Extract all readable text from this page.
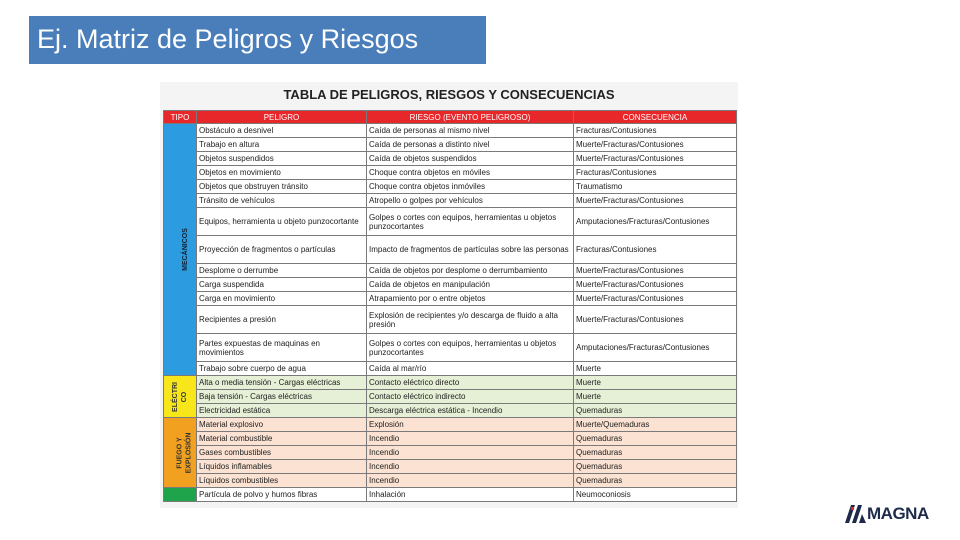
Ej. Matriz de Peligros y Riesgos
TABLA DE PELIGROS, RIESGOS Y CONSECUENCIAS
TIPO	PELIGRO	RIESGO (EVENTO PELIGROSO)	CONSECUENCIA
MECÁNICOS	Obstáculo a desnivel	Caída de personas al mismo nivel	Fracturas/Contusiones
	Trabajo en altura	Caída de personas a distinto nivel	Muerte/Fracturas/Contusiones
	Objetos suspendidos	Caída de objetos suspendidos	Muerte/Fracturas/Contusiones
	Objetos en movimiento	Choque contra objetos en móviles	Fracturas/Contusiones
	Objetos que obstruyen tránsito	Choque contra objetos inmóviles	Traumatismo
	Tránsito de vehículos	Atropello o golpes por vehículos	Muerte/Fracturas/Contusiones
	Equipos, herramienta u objeto punzocortante	Golpes o cortes con equipos, herramientas u objetos punzocortantes	Amputaciones/Fracturas/Contusiones
	Proyección de fragmentos o partículas	Impacto de fragmentos de partículas sobre las personas	Fracturas/Contusiones
	Desplome o derrumbe	Caída de objetos por desplome o derrumbamiento	Muerte/Fracturas/Contusiones
	Carga suspendida	Caída de objetos en manipulación	Muerte/Fracturas/Contusiones
	Carga en movimiento	Atrapamiento por o entre objetos	Muerte/Fracturas/Contusiones
	Recipientes a presión	Explosión de recipientes y/o descarga de fluido a alta presión	Muerte/Fracturas/Contusiones
	Partes expuestas de maquinas en movimientos	Golpes o cortes con equipos, herramientas u objetos punzocortantes	Amputaciones/Fracturas/Contusiones
	Trabajo sobre cuerpo de agua	Caída al mar/río	Muerte
ELÉCTRI CO	Alta o media tensión - Cargas eléctricas	Contacto eléctrico directo	Muerte
	Baja tensión - Cargas eléctricas	Contacto eléctrico indirecto	Muerte
	Electricidad estática	Descarga eléctrica estática - Incendio	Quemaduras
FUEGO Y EXPLOSIÓN	Material explosivo	Explosión	Muerte/Quemaduras
	Material combustible	Incendio	Quemaduras
	Gases combustibles	Incendio	Quemaduras
	Líquidos inflamables	Incendio	Quemaduras
	Líquidos combustibles	Incendio	Quemaduras
	Partícula de polvo y humos fibras	Inhalación	Neumoconiosis
MAGNA
